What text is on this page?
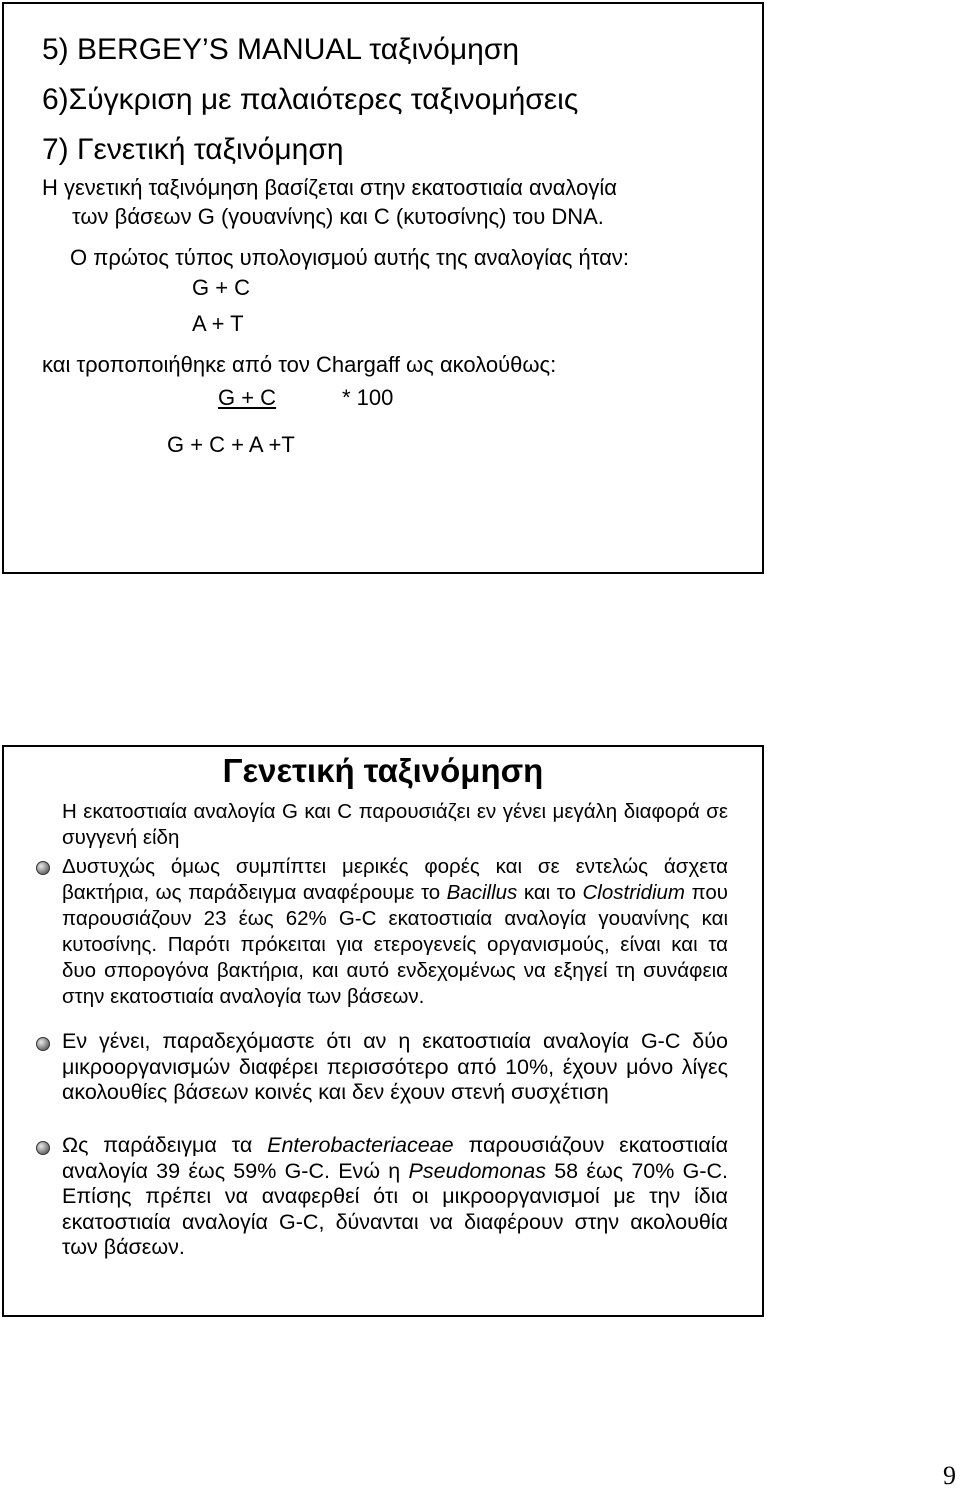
5) BERGEY’S MANUAL ταξινόμηση
6)Σύγκριση με παλαιότερες ταξινομήσεις
7) Γενετική ταξινόμηση
Η γενετική ταξινόμηση βασίζεται στην εκατοστιαία αναλογία
των βάσεων G (γουανίνης) και C (κυτοσίνης) του DNA.
Ο πρώτος τύπος υπολογισμού αυτής της αναλογίας ήταν:
G + C
A + T
και τροποποιήθηκε από τον Chargaff ως ακολούθως:
G + C	* 100
G + C + A +T
Γενετική ταξινόμηση
Η εκατοστιαία αναλογία G και C παρουσιάζει εν γένει μεγάλη διαφορά σε συγγενή είδη
Δυστυχώς όμως συμπίπτει μερικές φορές και σε εντελώς άσχετα βακτήρια, ως παράδειγμα αναφέρουμε το Bacillus και το Clostridium που παρουσιάζουν 23 έως 62% G-C εκατοστιαία αναλογία γουανίνης και κυτοσίνης. Παρότι πρόκειται για ετερογενείς οργανισμούς, είναι και τα δυο σπορογόνα βακτήρια, και αυτό ενδεχομένως να εξηγεί τη συνάφεια στην εκατοστιαία αναλογία των βάσεων.
Εν γένει, παραδεχόμαστε ότι αν η εκατοστιαία αναλογία G-C δύο μικροοργανισμών διαφέρει περισσότερο από 10%, έχουν μόνο λίγες ακολουθίες βάσεων κοινές και δεν έχουν στενή συσχέτιση
Ως παράδειγμα τα Enterobacteriaceae παρουσιάζουν εκατοστιαία αναλογία 39 έως 59% G-C. Ενώ η Pseudomonas 58 έως 70% G-C. Επίσης πρέπει να αναφερθεί ότι οι μικροοργανισμοί με την ίδια εκατοστιαία αναλογία G-C, δύνανται να διαφέρουν στην ακολουθία των βάσεων.
9
